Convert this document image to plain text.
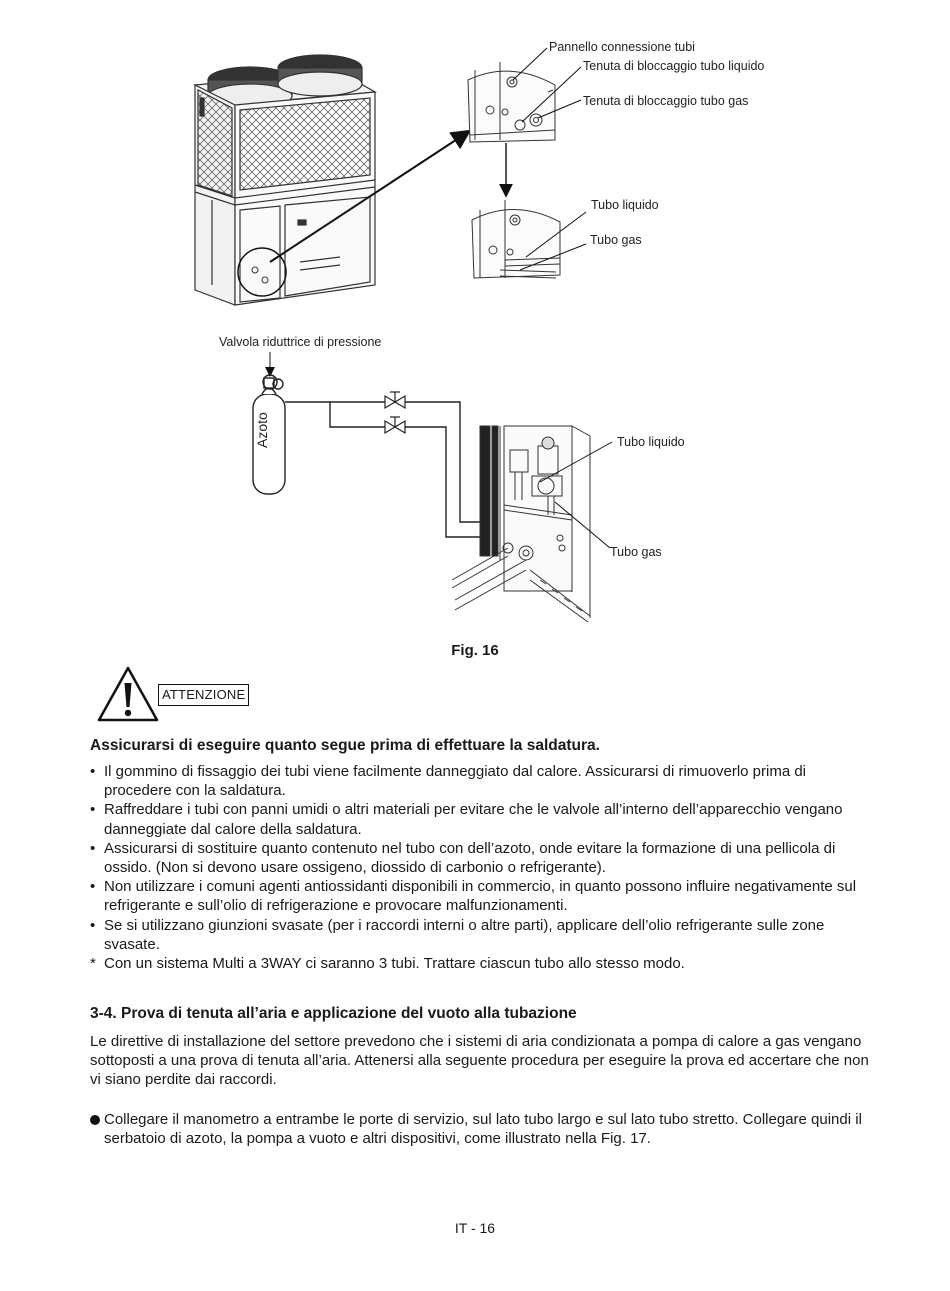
Pannello connessione tubi
Tenuta di bloccaggio tubo liquido
Tenuta di bloccaggio tubo gas
Tubo liquido
Tubo gas
Valvola riduttrice di pressione
Azoto	Tubo liquido
Tubo gas
Fig. 16
ATTENZIONE
Assicurarsi di eseguire quanto segue prima di effettuare la saldatura.
• Il gommino di fissaggio dei tubi viene facilmente danneggiato dal calore. Assicurarsi di rimuoverlo prima di procedere con la saldatura.
• Raffreddare i tubi con panni umidi o altri materiali per evitare che le valvole all’interno dell’apparecchio vengano danneggiate dal calore della saldatura.
• Assicurarsi di sostituire quanto contenuto nel tubo con dell’azoto, onde evitare la formazione di una pellicola di ossido. (Non si devono usare ossigeno, diossido di carbonio o refrigerante).
• Non utilizzare i comuni agenti antiossidanti disponibili in commercio, in quanto possono influire negativamente sul refrigerante e sull’olio di refrigerazione e provocare malfunzionamenti.
• Se si utilizzano giunzioni svasate (per i raccordi interni o altre parti), applicare dell’olio refrigerante sulle zone svasate.
* Con un sistema Multi a 3WAY ci saranno 3 tubi. Trattare ciascun tubo allo stesso modo.
3-4. Prova di tenuta all’aria e applicazione del vuoto alla tubazione
Le direttive di installazione del settore prevedono che i sistemi di aria condizionata a pompa di calore a gas vengano sottoposti a una prova di tenuta all’aria. Attenersi alla seguente procedura per eseguire la prova ed accertare che non vi siano perdite dai raccordi.
Collegare il manometro a entrambe le porte di servizio, sul lato tubo largo e sul lato tubo stretto. Collegare quindi il serbatoio di azoto, la pompa a vuoto e altri dispositivi, come illustrato nella Fig. 17.
IT - 16
